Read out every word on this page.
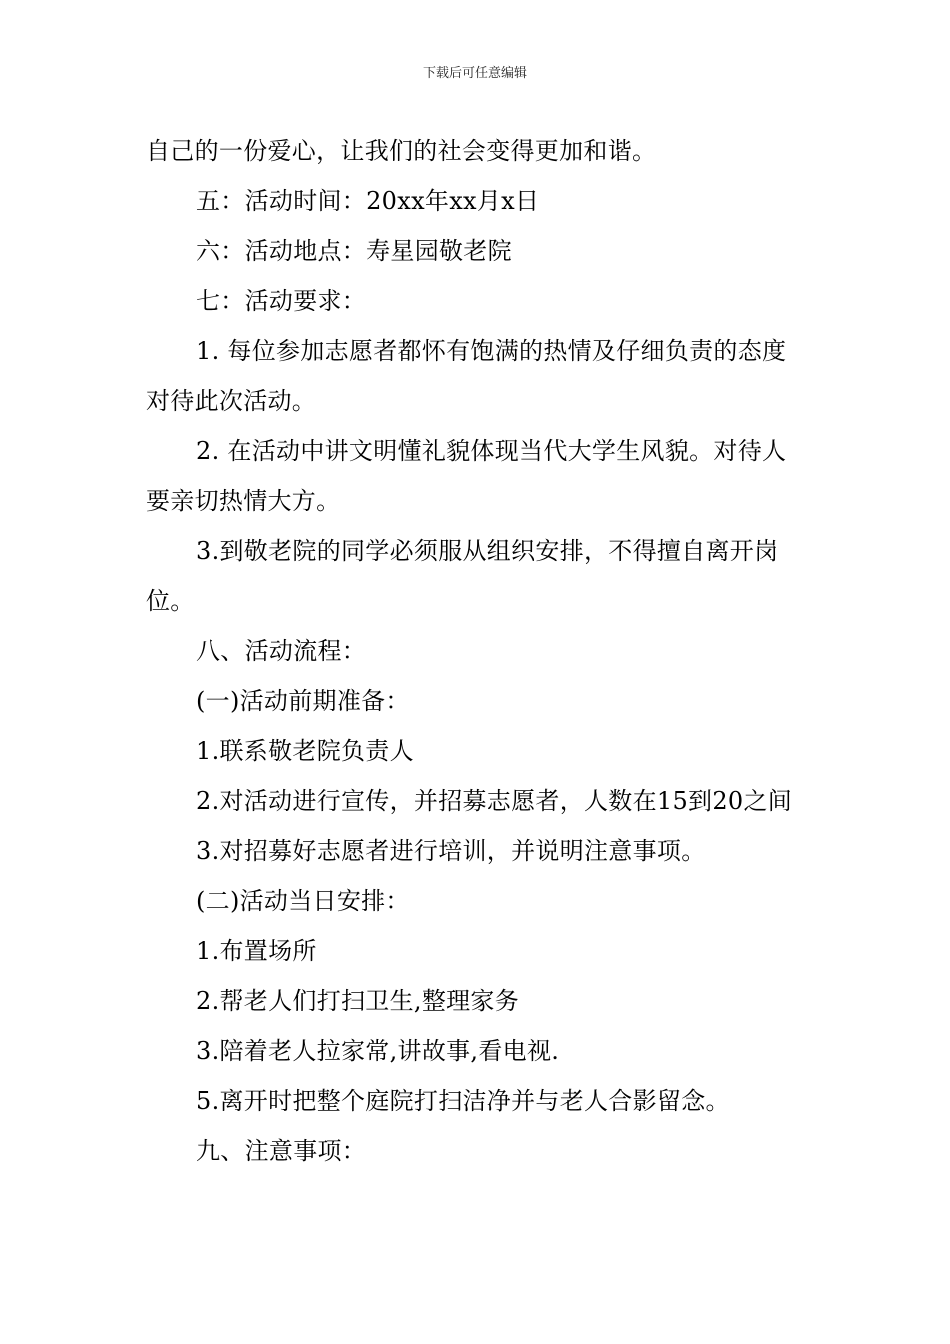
下载后可任意编辑

自己的一份爱心，让我们的社会变得更加和谐。

五：活动时间：20xx年xx月x日

六：活动地点：寿星园敬老院

七：活动要求：

1. 每位参加志愿者都怀有饱满的热情及仔细负责的态度对待此次活动。

2. 在活动中讲文明懂礼貌体现当代大学生风貌。对待人要亲切热情大方。

3.到敬老院的同学必须服从组织安排，不得擅自离开岗位。

八、活动流程：

(一)活动前期准备：

1.联系敬老院负责人

2.对活动进行宣传，并招募志愿者，人数在15到20之间

3.对招募好志愿者进行培训，并说明注意事项。

(二)活动当日安排：

1.布置场所

2.帮老人们打扫卫生,整理家务

3.陪着老人拉家常,讲故事,看电视.

5.离开时把整个庭院打扫洁净并与老人合影留念。

九、注意事项：
